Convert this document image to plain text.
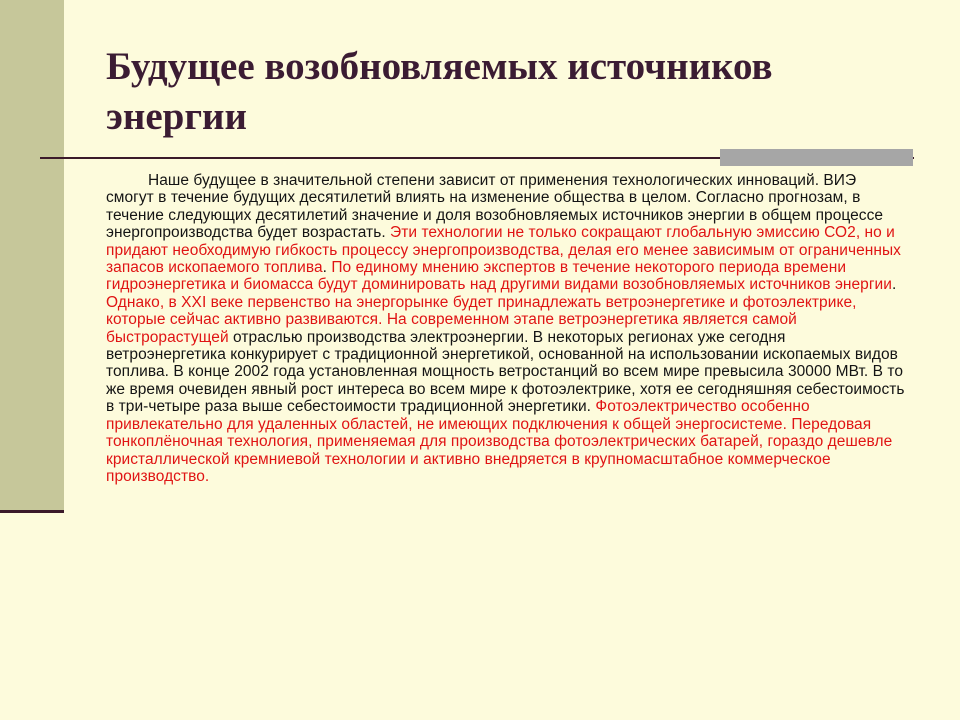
Будущее возобновляемых источников энергии

Наше будущее в значительной степени зависит от применения технологических инноваций. ВИЭ смогут в течение будущих десятилетий влиять на изменение общества в целом. Согласно прогнозам, в течение следующих десятилетий значение и доля возобновляемых источников энергии в общем процессе энергопроизводства будет возрастать. Эти технологии не только сокращают глобальную эмиссию СО2, но и придают необходимую гибкость процессу энергопроизводства, делая его менее зависимым от ограниченных запасов ископаемого топлива. По единому мнению экспертов в течение некоторого периода времени гидроэнергетика и биомасса будут доминировать над другими видами возобновляемых источников энергии. Однако, в XXI веке первенство на энергорынке будет принадлежать ветроэнергетике и фотоэлектрике, которые сейчас активно развиваются. На современном этапе ветроэнергетика является самой быстрорастущей отраслью производства электроэнергии. В некоторых регионах уже сегодня ветроэнергетика конкурирует с традиционной энергетикой, основанной на использовании ископаемых видов топлива. В конце 2002 года установленная мощность ветростанций во всем мире превысила 30000 МВт. В то же время очевиден явный рост интереса во всем мире к фотоэлектрике, хотя ее сегодняшняя себестоимость в три-четыре раза выше себестоимости традиционной энергетики. Фотоэлектричество особенно привлекательно для удаленных областей, не имеющих подключения к общей энергосистеме. Передовая тонкоплёночная технология, применяемая для производства фотоэлектрических батарей, гораздо дешевле кристаллической кремниевой технологии и активно внедряется в крупномасштабное коммерческое производство.
